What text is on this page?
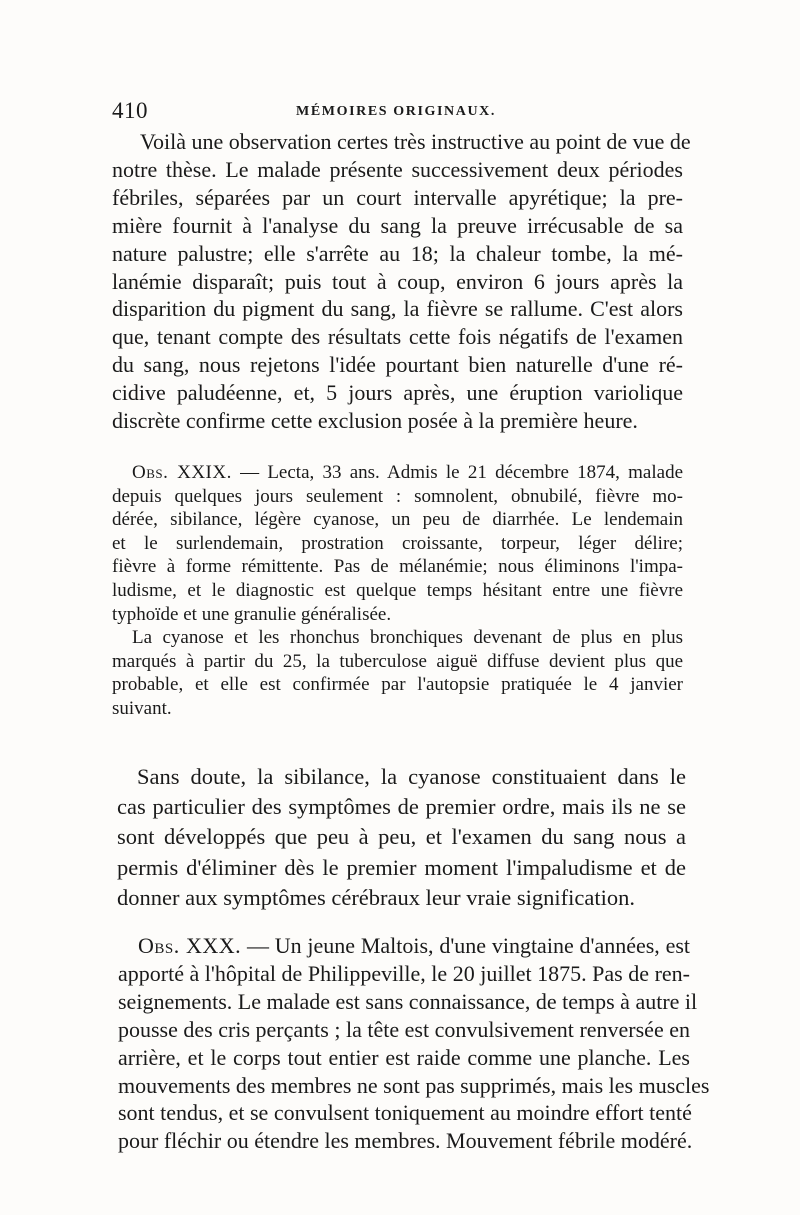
410	MÉMOIRES ORIGINAUX.
Voilà une observation certes très instructive au point de vue de
notre thèse. Le malade présente successivement deux périodes
fébriles, séparées par un court intervalle apyrétique; la pre-
mière fournit à l'analyse du sang la preuve irrécusable de sa
nature palustre; elle s'arrête au 18; la chaleur tombe, la mé-
lanémie disparaît; puis tout à coup, environ 6 jours après la
disparition du pigment du sang, la fièvre se rallume. C'est alors
que, tenant compte des résultats cette fois négatifs de l'examen
du sang, nous rejetons l'idée pourtant bien naturelle d'une ré-
cidive paludéenne, et, 5 jours après, une éruption variolique
discrète confirme cette exclusion posée à la première heure.
Obs. XXIX. — Lecta, 33 ans. Admis le 21 décembre 1874, malade
depuis quelques jours seulement : somnolent, obnubilé, fièvre mo-
dérée, sibilance, légère cyanose, un peu de diarrhée. Le lendemain
et le surlendemain, prostration croissante, torpeur, léger délire;
fièvre à forme rémittente. Pas de mélanémie; nous éliminons l'impa-
ludisme, et le diagnostic est quelque temps hésitant entre une fièvre
typhoïde et une granulie généralisée.
La cyanose et les rhonchus bronchiques devenant de plus en plus
marqués à partir du 25, la tuberculose aiguë diffuse devient plus que
probable, et elle est confirmée par l'autopsie pratiquée le 4 janvier
suivant.
Sans doute, la sibilance, la cyanose constituaient dans le
cas particulier des symptômes de premier ordre, mais ils ne se
sont développés que peu à peu, et l'examen du sang nous a
permis d'éliminer dès le premier moment l'impaludisme et de
donner aux symptômes cérébraux leur vraie signification.
Obs. XXX. — Un jeune Maltois, d'une vingtaine d'années, est
apporté à l'hôpital de Philippeville, le 20 juillet 1875. Pas de ren-
seignements. Le malade est sans connaissance, de temps à autre il
pousse des cris perçants ; la tête est convulsivement renversée en
arrière, et le corps tout entier est raide comme une planche. Les
mouvements des membres ne sont pas supprimés, mais les muscles
sont tendus, et se convulsent toniquement au moindre effort tenté
pour fléchir ou étendre les membres. Mouvement fébrile modéré.
